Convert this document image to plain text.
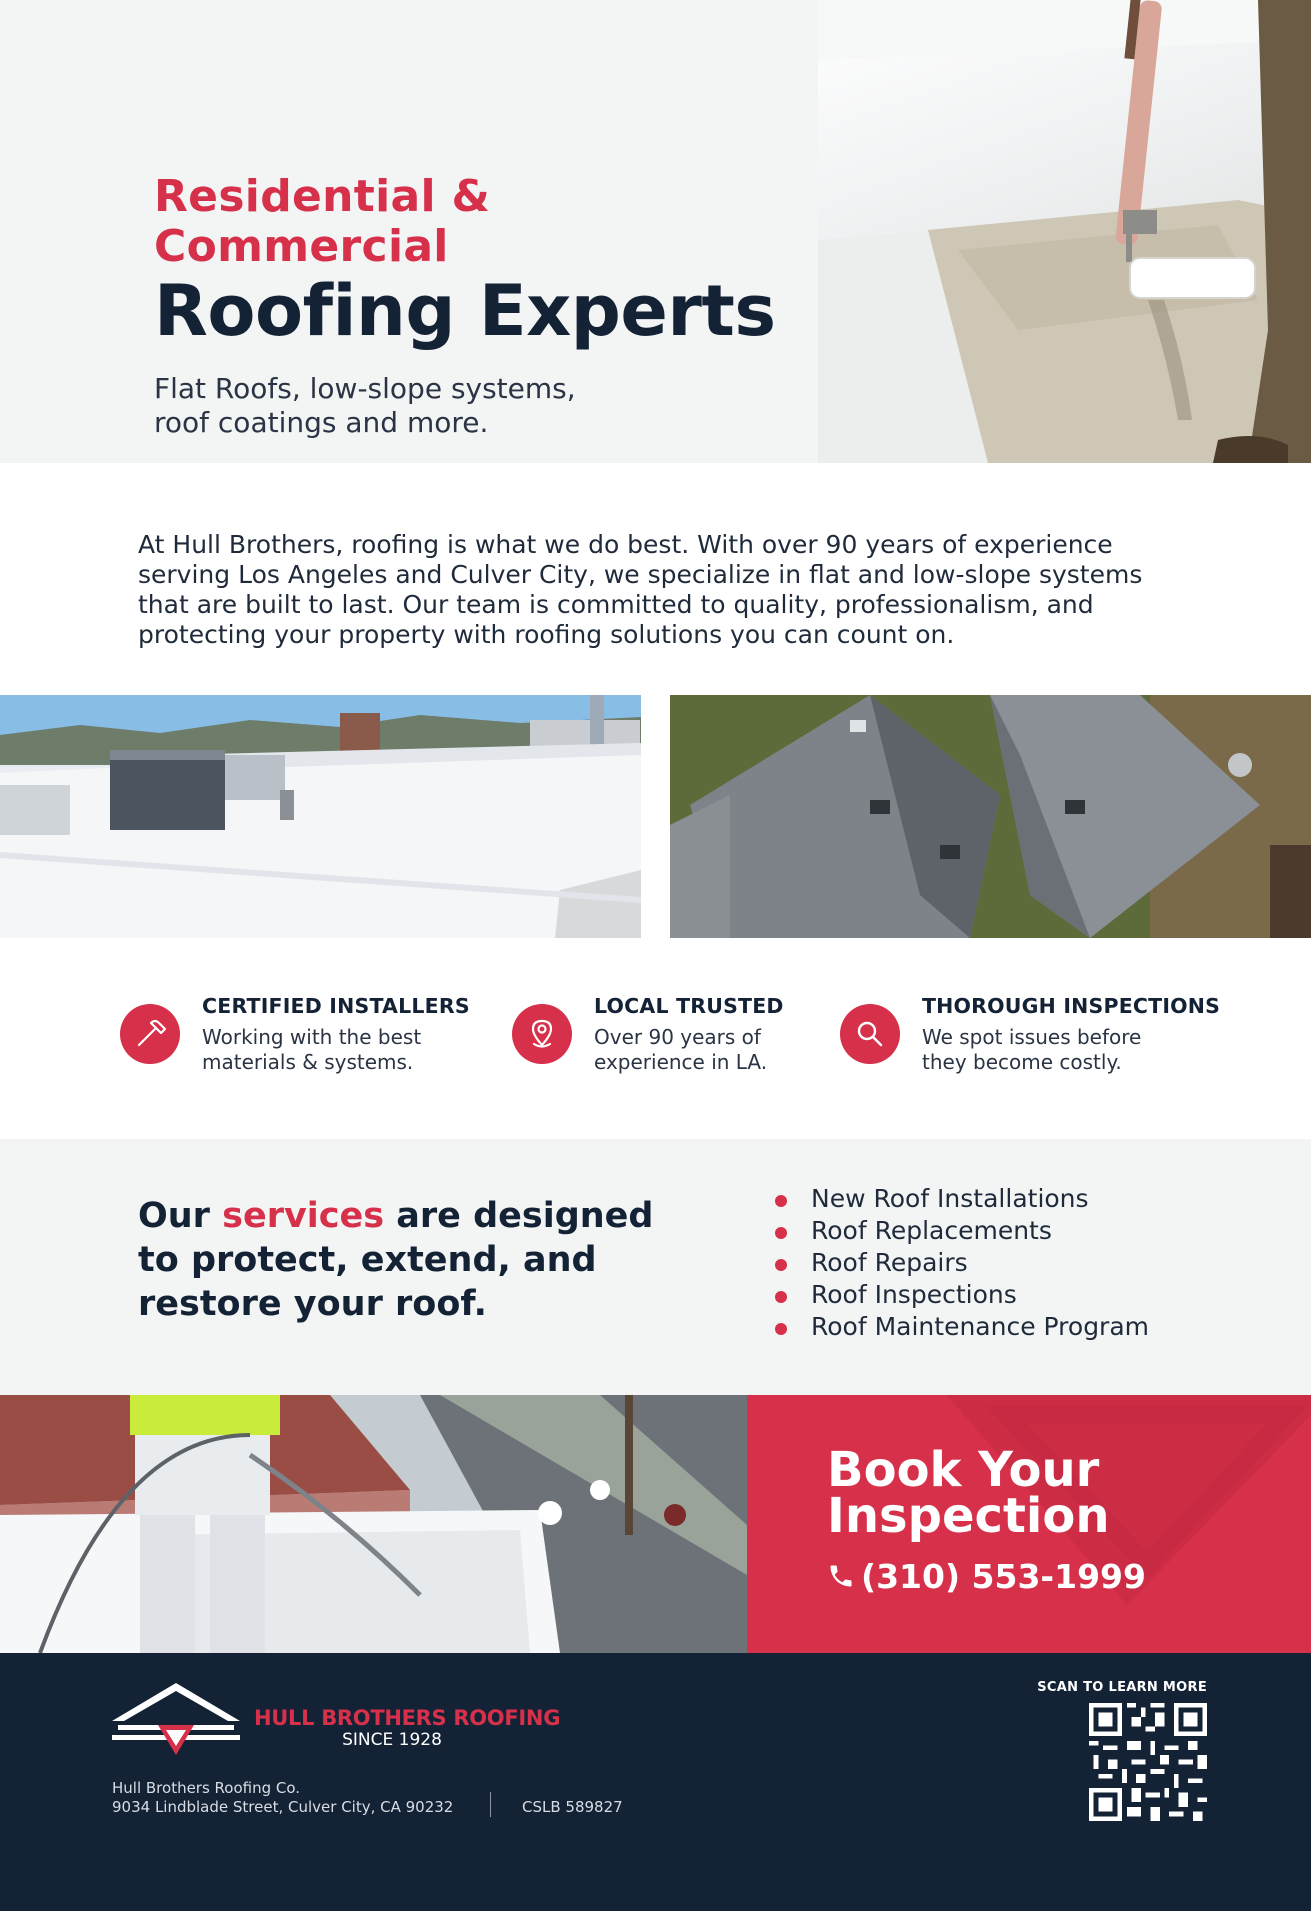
Residential & Commercial
Roofing Experts

Flat Roofs, low-slope systems, roof coatings and more.

At Hull Brothers, roofing is what we do best. With over 90 years of experience serving Los Angeles and Culver City, we specialize in flat and low-slope systems that are built to last. Our team is committed to quality, professionalism, and protecting your property with roofing solutions you can count on.

CERTIFIED INSTALLERS
Working with the best materials & systems.
LOCAL TRUSTED
Over 90 years of experience in LA.
THOROUGH INSPECTIONS
We spot issues before they become costly.
Our services are designed to protect, extend, and restore your roof.
New Roof Installations
Roof Replacements
Roof Repairs
Roof Inspections
Roof Maintenance Program
Book Your Inspection
(310) 553-1999
HULL BROTHERS ROOFING
SINCE 1928
Hull Brothers Roofing Co.
9034 Lindblade Street, Culver City, CA 90232	CSLB 589827
SCAN TO LEARN MORE
